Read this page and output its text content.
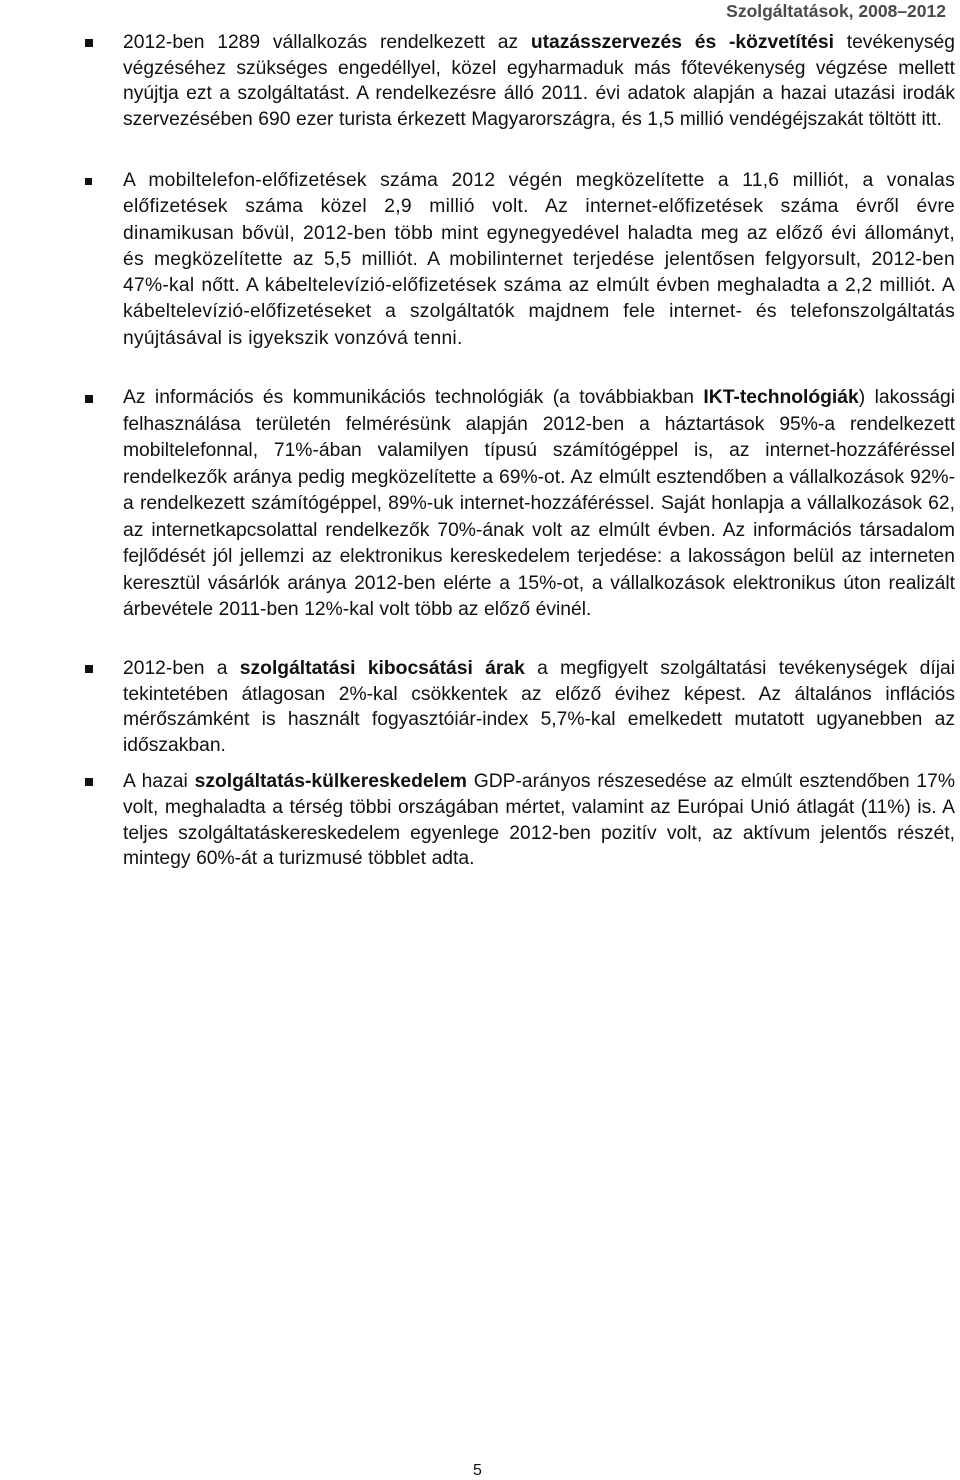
Szolgáltatások, 2008–2012
2012-ben 1289 vállalkozás rendelkezett az utazásszervezés és -közvetítési tevékenység végzéséhez szükséges engedéllyel, közel egyharmaduk más főtevékenység végzése mellett nyújtja ezt a szolgáltatást. A rendelkezésre álló 2011. évi adatok alapján a hazai utazási irodák szervezésében 690 ezer turista érkezett Magyarországra, és 1,5 millió vendégéjszakát töltött itt.
A mobiltelefon-előfizetések száma 2012 végén megközelítette a 11,6 milliót, a vonalas előfizetések száma közel 2,9 millió volt. Az internet-előfizetések száma évről évre dinamikusan bővül, 2012-ben több mint egynegyedével haladta meg az előző évi állományt, és megközelítette az 5,5 milliót. A mobilinternet terjedése jelentősen felgyorsult, 2012-ben 47%-kal nőtt. A kábeltelevízió-előfizetések száma az elmúlt évben meghaladta a 2,2 milliót. A kábeltelevízió-előfizetéseket a szolgáltatók majdnem fele internet- és telefonszolgáltatás nyújtásával is igyekszik vonzóvá tenni.
Az információs és kommunikációs technológiák (a továbbiakban IKT-technológiák) lakossági felhasználása területén felmérésünk alapján 2012-ben a háztartások 95%-a rendelkezett mobiltelefonnal, 71%-ában valamilyen típusú számítógéppel is, az internet-hozzáféréssel rendelkezők aránya pedig megközelítette a 69%-ot. Az elmúlt esztendőben a vállalkozások 92%-a rendelkezett számítógéppel, 89%-uk internet-hozzáféréssel. Saját honlapja a vállalkozások 62, az internetkapcsolattal rendelkezők 70%-ának volt az elmúlt évben. Az információs társadalom fejlődését jól jellemzi az elektronikus kereskedelem terjedése: a lakosságon belül az interneten keresztül vásárlók aránya 2012-ben elérte a 15%-ot, a vállalkozások elektronikus úton realizált árbevétele 2011-ben 12%-kal volt több az előző évinél.
2012-ben a szolgáltatási kibocsátási árak a megfigyelt szolgáltatási tevékenységek díjai tekintetében átlagosan 2%-kal csökkentek az előző évihez képest. Az általános inflációs mérőszámként is használt fogyasztóiár-index 5,7%-kal emelkedett mutatott ugyanebben az időszakban.
A hazai szolgáltatás-külkereskedelem GDP-arányos részesedése az elmúlt esztendőben 17% volt, meghaladta a térség többi országában mértet, valamint az Európai Unió átlagát (11%) is. A teljes szolgáltatáskereskedelem egyenlege 2012-ben pozitív volt, az aktívum jelentős részét, mintegy 60%-át a turizmusé többlet adta.
5
